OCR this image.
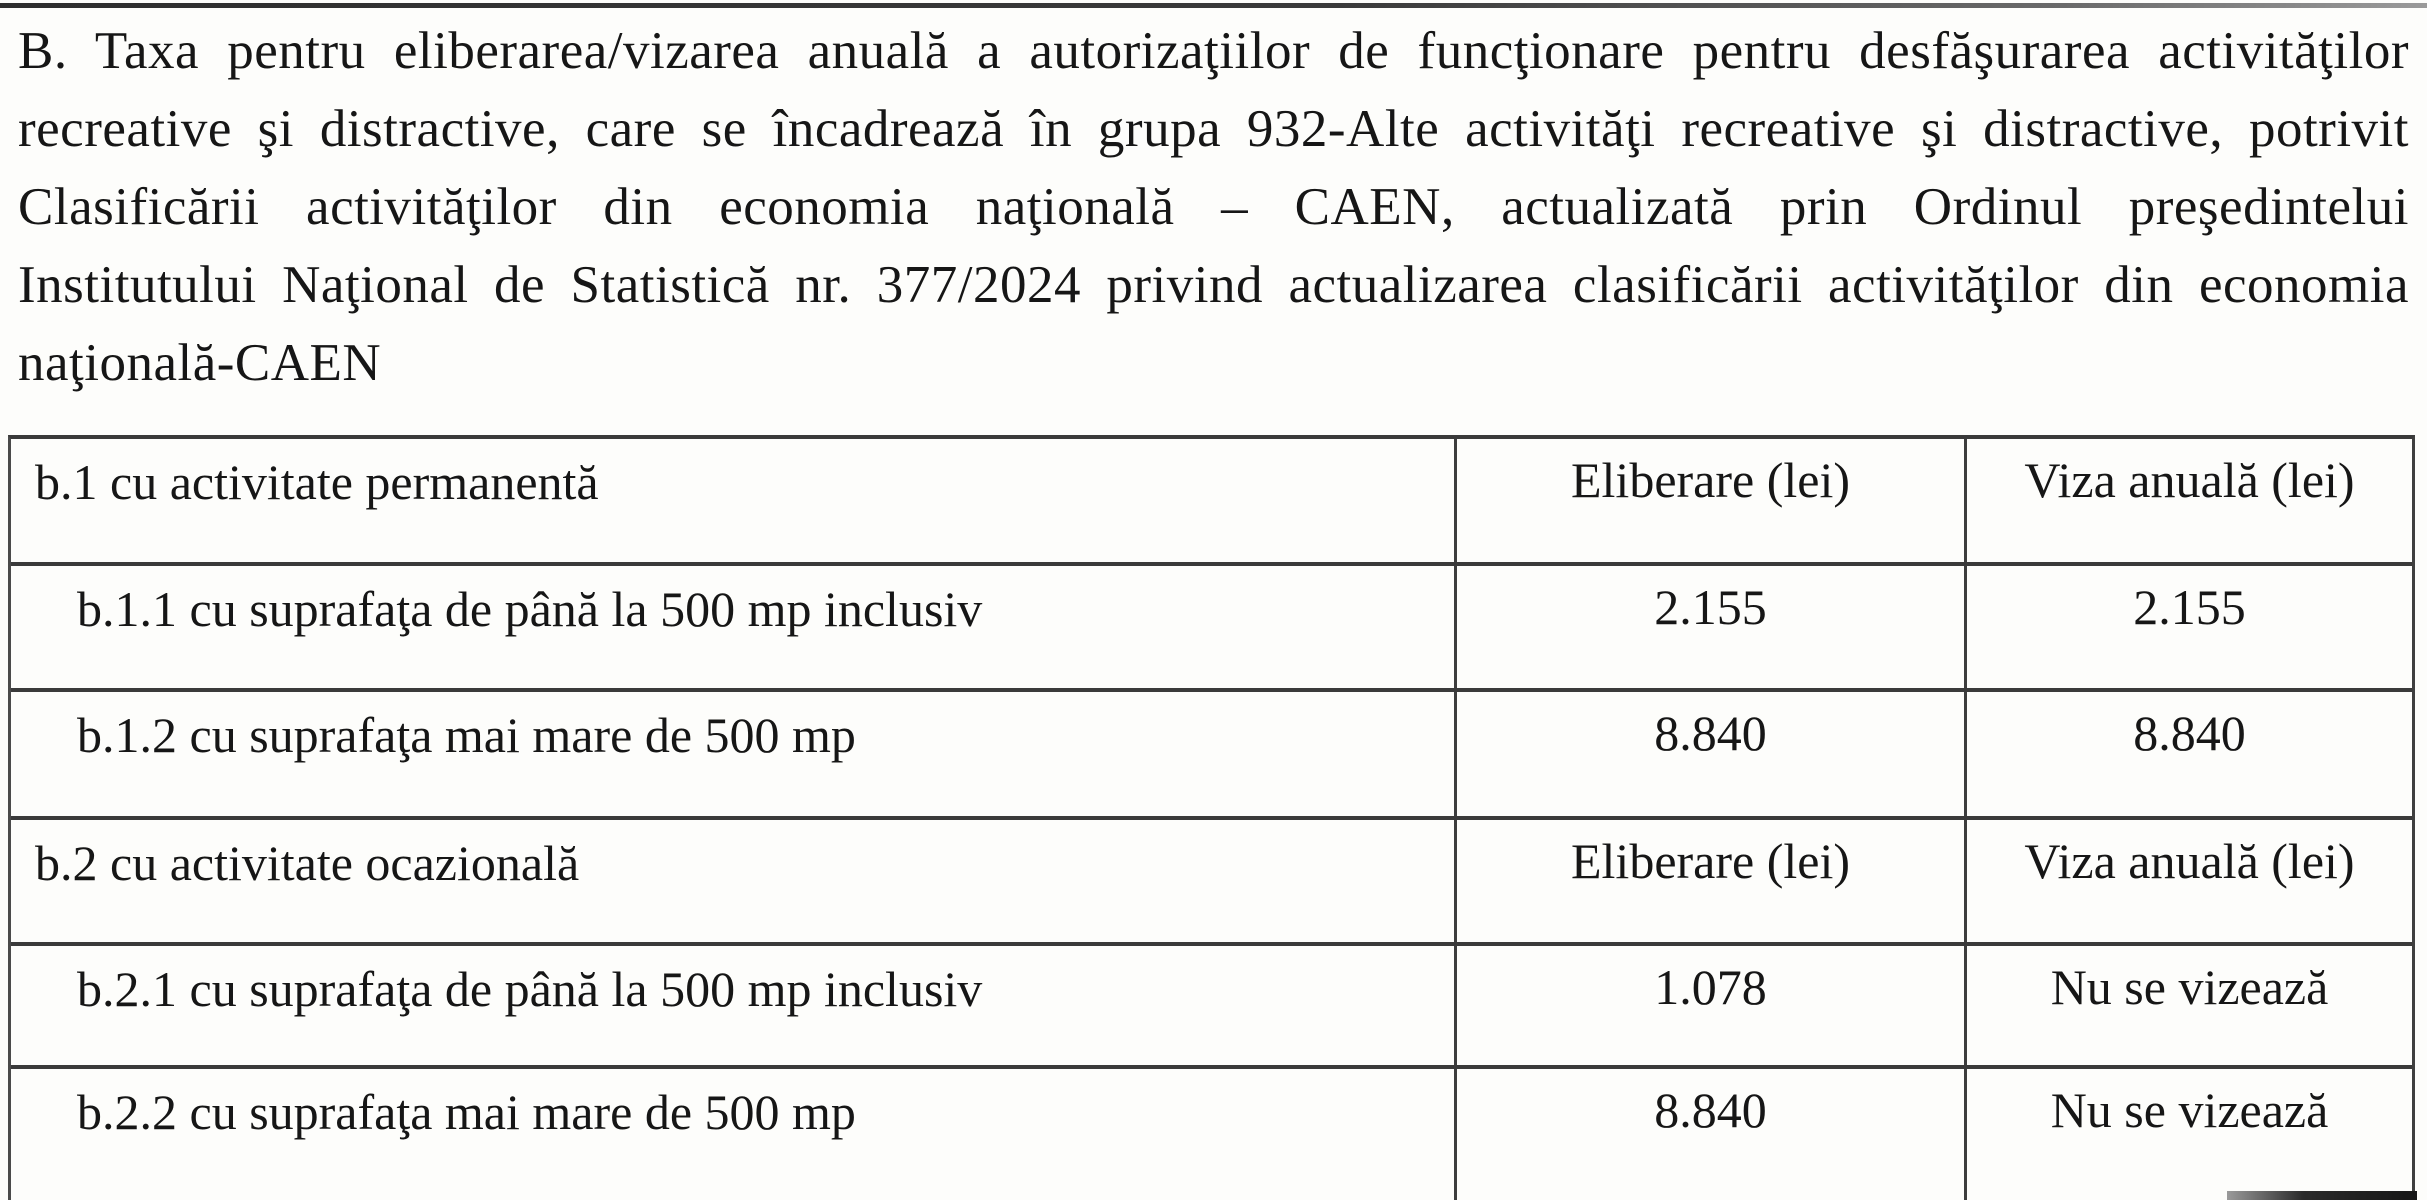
B. Taxa pentru eliberarea/vizarea anuală a autorizaţiilor de funcţionare pentru desfăşurarea activităţilor
recreative şi distractive, care se încadrează în grupa 932-Alte activităţi recreative şi distractive, potrivit
Clasificării activităţilor din economia naţională – CAEN, actualizată prin Ordinul preşedintelui
Institutului Naţional de Statistică nr. 377/2024 privind actualizarea clasificării activităţilor din economia
naţională-CAEN
b.1 cu activitate permanentă	Eliberare (lei)	Viza anuală (lei)
b.1.1 cu suprafaţa de până la 500 mp inclusiv	2.155	2.155
b.1.2 cu suprafaţa mai mare de 500 mp	8.840	8.840
b.2 cu activitate ocazională	Eliberare (lei)	Viza anuală (lei)
b.2.1 cu suprafaţa de până la 500 mp inclusiv	1.078	Nu se vizează
b.2.2 cu suprafaţa mai mare de 500 mp	8.840	Nu se vizează
